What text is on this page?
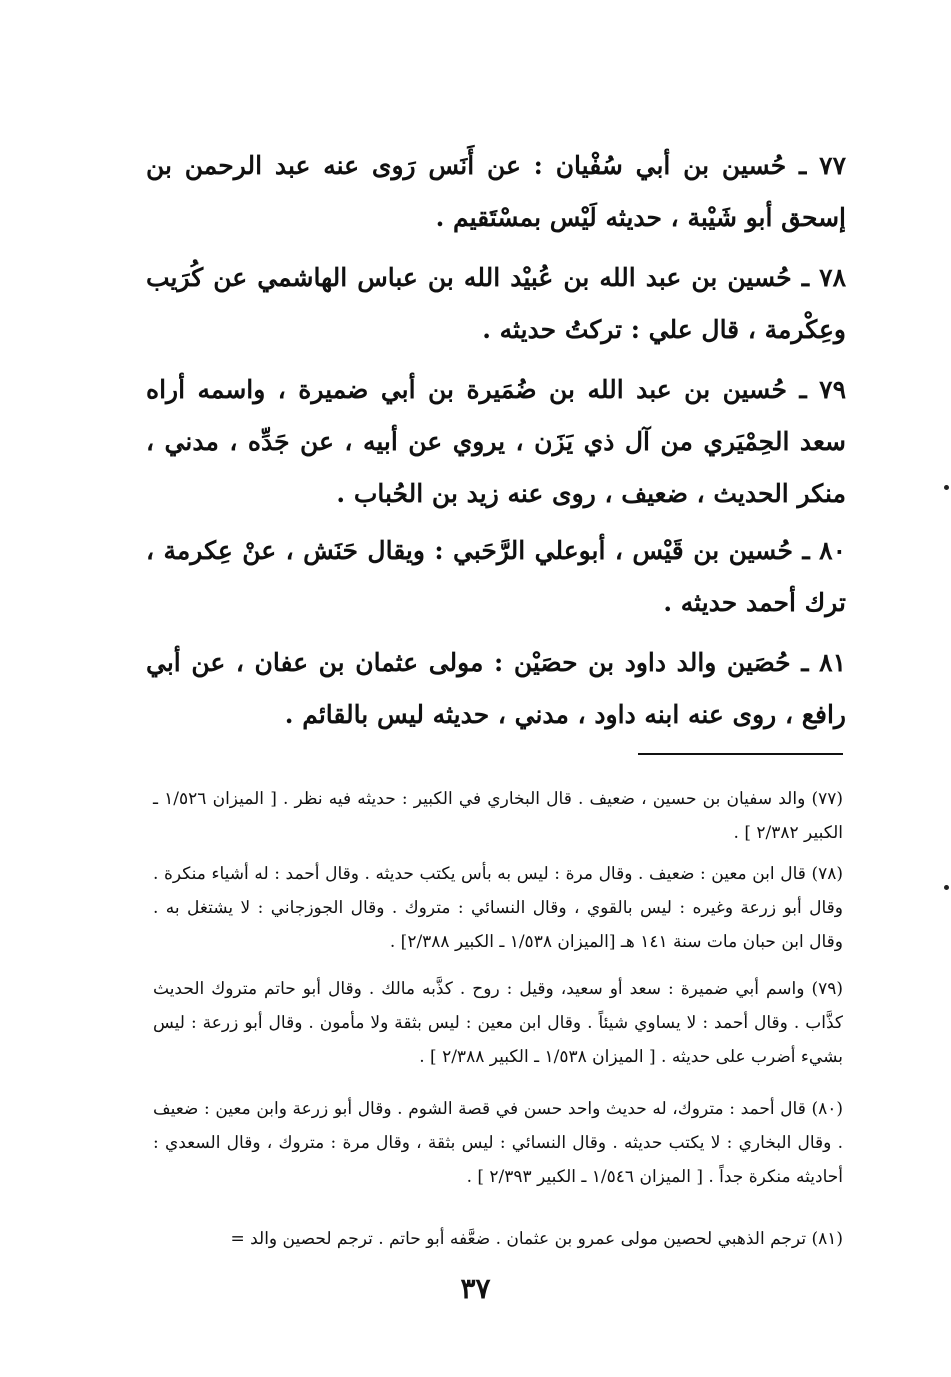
٧٧ ـ حُسين بن أبي سُفْيان : عن أَنَس رَوى عنه عبد الرحمن بن إسحق أبو شَيْبة ، حديثه لَيْس بمسْتَقيم .

٧٨ ـ حُسين بن عبد الله بن عُبيْد الله بن عباس الهاشمي عن كُرَيب وعِكْرمة ، قال علي : تركتُ حديثه .

٧٩ ـ حُسين بن عبد الله بن ضُمَيرة بن أبي ضميرة ، واسمه أراه سعد الحِمْيَري من آل ذي يَزَن ، يروي عن أبيه ، عن جَدِّه ، مدني ، منكر الحديث ، ضعيف ، روى عنه زيد بن الحُباب .

٨٠ ـ حُسين بن قَيْس ، أبوعلي الرَّحَبي : ويقال حَنَش ، عنْ عِكرمة ، ترك أحمد حديثه .

٨١ ـ حُصَين والد داود بن حصَيْن : مولى عثمان بن عفان ، عن أبي رافع ، روى عنه ابنه داود ، مدني ، حديثه ليس بالقائم .

(٧٧) والد سفيان بن حسين ، ضعيف . قال البخاري في الكبير : حديثه فيه نظر . [ الميزان ١/٥٢٦ ـ الكبير ٢/٣٨٢ ] .

(٧٨) قال ابن معين : ضعيف . وقال مرة : ليس به بأس يكتب حديثه . وقال أحمد : له أشياء منكرة . وقال أبو زرعة وغيره : ليس بالقوي ، وقال النسائي : متروك . وقال الجوزجاني : لا يشتغل به . وقال ابن حبان مات سنة ١٤١ هـ [الميزان ١/٥٣٨ ـ الكبير ٢/٣٨٨] .

(٧٩) واسم أبي ضميرة : سعد أو سعيد، وقيل : روح . كذَّبه مالك . وقال أبو حاتم متروك الحديث كذَّاب . وقال أحمد : لا يساوي شيئاً . وقال ابن معين : ليس بثقة ولا مأمون . وقال أبو زرعة : ليس بشيء أضرب على حديثه . [ الميزان ١/٥٣٨ ـ الكبير ٢/٣٨٨ ] .

(٨٠) قال أحمد : متروك، له حديث واحد حسن في قصة الشوم . وقال أبو زرعة وابن معين : ضعيف . وقال البخاري : لا يكتب حديثه . وقال النسائي : ليس بثقة ، وقال مرة : متروك ، وقال السعدي : أحاديثه منكرة جداً . [ الميزان ١/٥٤٦ ـ الكبير ٢/٣٩٣ ] .

(٨١) ترجم الذهبي لحصين مولى عمرو بن عثمان . ضعَّفه أبو حاتم . ترجم لحصين والد =

٣٧
